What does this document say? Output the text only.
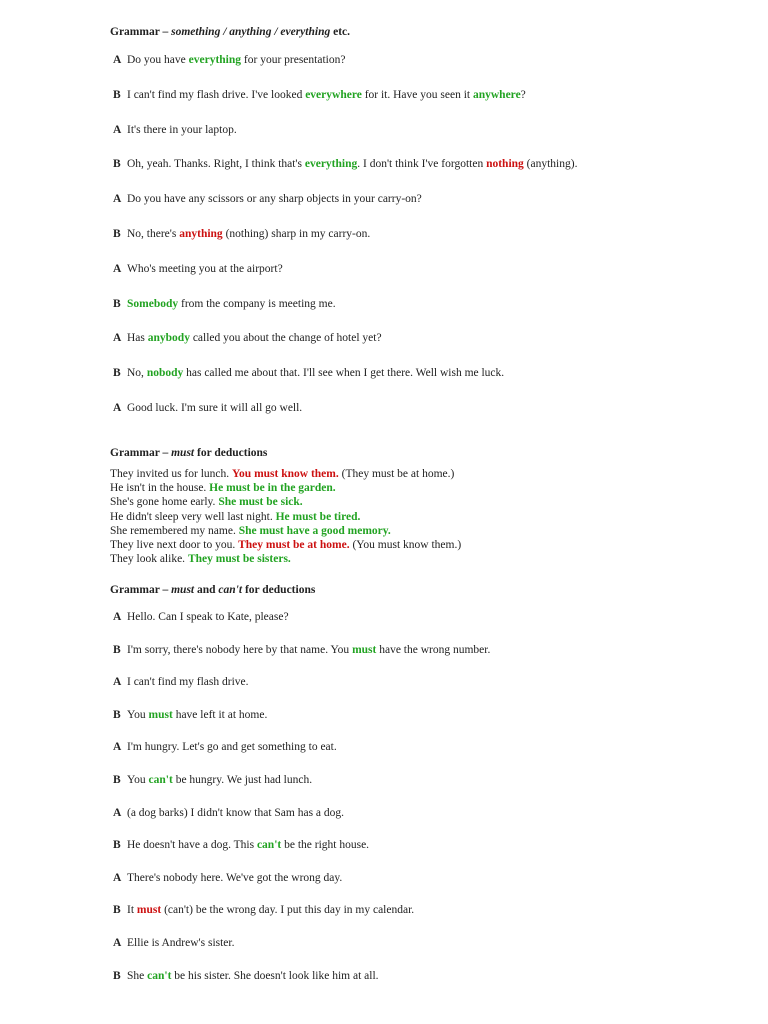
Grammar – something / anything / everything etc.
A Do you have everything for your presentation?
B I can't find my flash drive. I've looked everywhere for it. Have you seen it anywhere?
A It's there in your laptop.
B Oh, yeah. Thanks. Right, I think that's everything. I don't think I've forgotten nothing (anything).
A Do you have any scissors or any sharp objects in your carry-on?
B No, there's anything (nothing) sharp in my carry-on.
A Who's meeting you at the airport?
B Somebody from the company is meeting me.
A Has anybody called you about the change of hotel yet?
B No, nobody has called me about that. I'll see when I get there. Well wish me luck.
A Good luck. I'm sure it will all go well.
Grammar – must for deductions
They invited us for lunch. You must know them. (They must be at home.)
He isn't in the house. He must be in the garden.
She's gone home early. She must be sick.
He didn't sleep very well last night. He must be tired.
She remembered my name. She must have a good memory.
They live next door to you. They must be at home. (You must know them.)
They look alike. They must be sisters.
Grammar – must and can't for deductions
A Hello. Can I speak to Kate, please?
B I'm sorry, there's nobody here by that name. You must have the wrong number.
A I can't find my flash drive.
B You must have left it at home.
A I'm hungry. Let's go and get something to eat.
B You can't be hungry. We just had lunch.
A (a dog barks) I didn't know that Sam has a dog.
B He doesn't have a dog. This can't be the right house.
A There's nobody here. We've got the wrong day.
B It must (can't) be the wrong day. I put this day in my calendar.
A Ellie is Andrew's sister.
B She can't be his sister. She doesn't look like him at all.
